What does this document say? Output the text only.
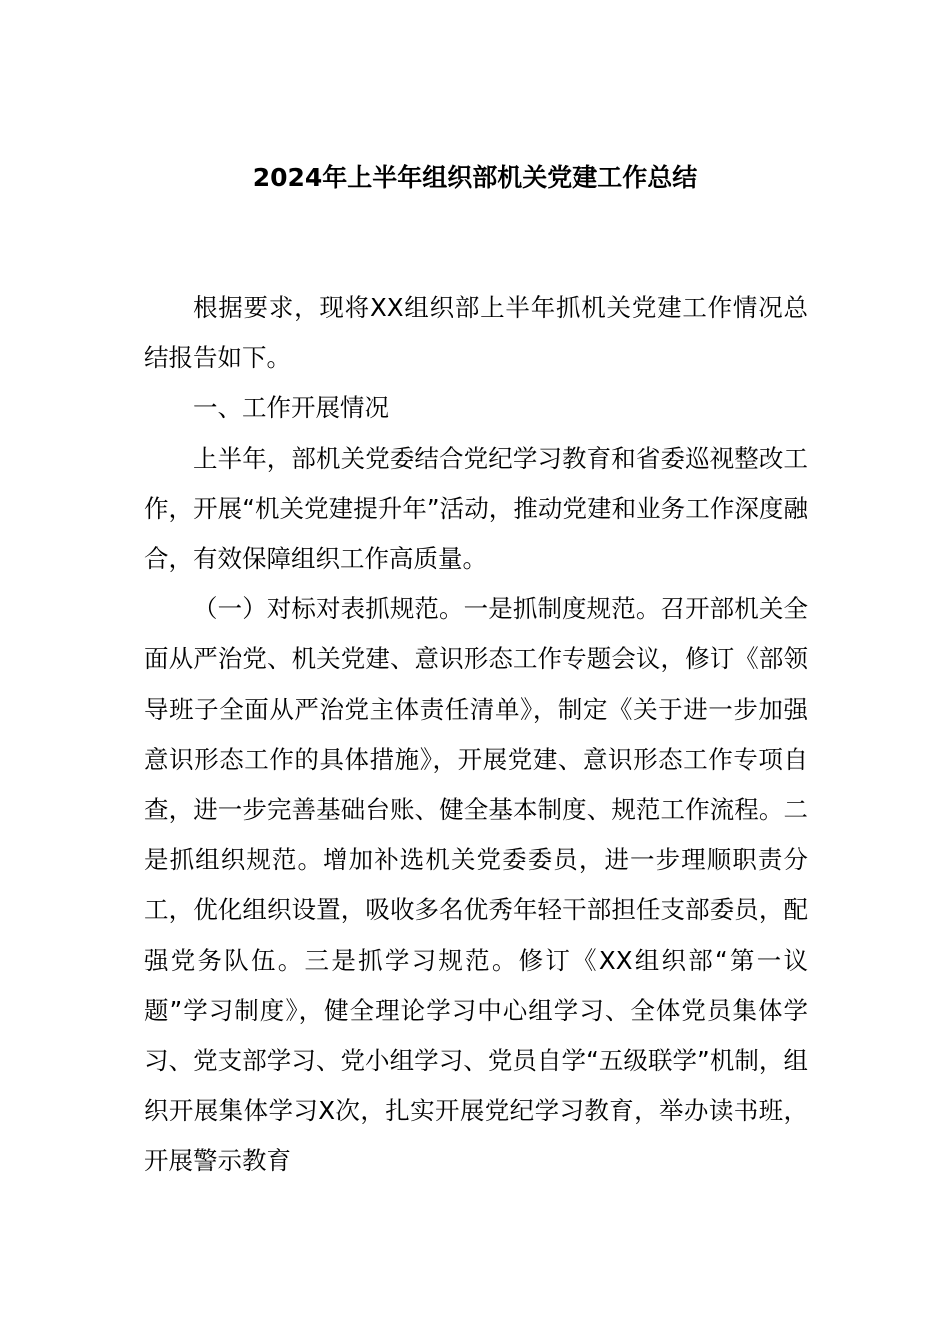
2024年上半年组织部机关党建工作总结

根据要求，现将XX组织部上半年抓机关党建工作情况总结报告如下。

一、工作开展情况

上半年，部机关党委结合党纪学习教育和省委巡视整改工作，开展“机关党建提升年”活动，推动党建和业务工作深度融合，有效保障组织工作高质量。

（一）对标对表抓规范。一是抓制度规范。召开部机关全面从严治党、机关党建、意识形态工作专题会议，修订《部领导班子全面从严治党主体责任清单》，制定《关于进一步加强意识形态工作的具体措施》，开展党建、意识形态工作专项自查，进一步完善基础台账、健全基本制度、规范工作流程。二是抓组织规范。增加补选机关党委委员，进一步理顺职责分工，优化组织设置，吸收多名优秀年轻干部担任支部委员，配强党务队伍。三是抓学习规范。修订《XX组织部“第一议题”学习制度》，健全理论学习中心组学习、全体党员集体学习、党支部学习、党小组学习、党员自学“五级联学”机制，组织开展集体学习X次，扎实开展党纪学习教育，举办读书班，开展警示教育
